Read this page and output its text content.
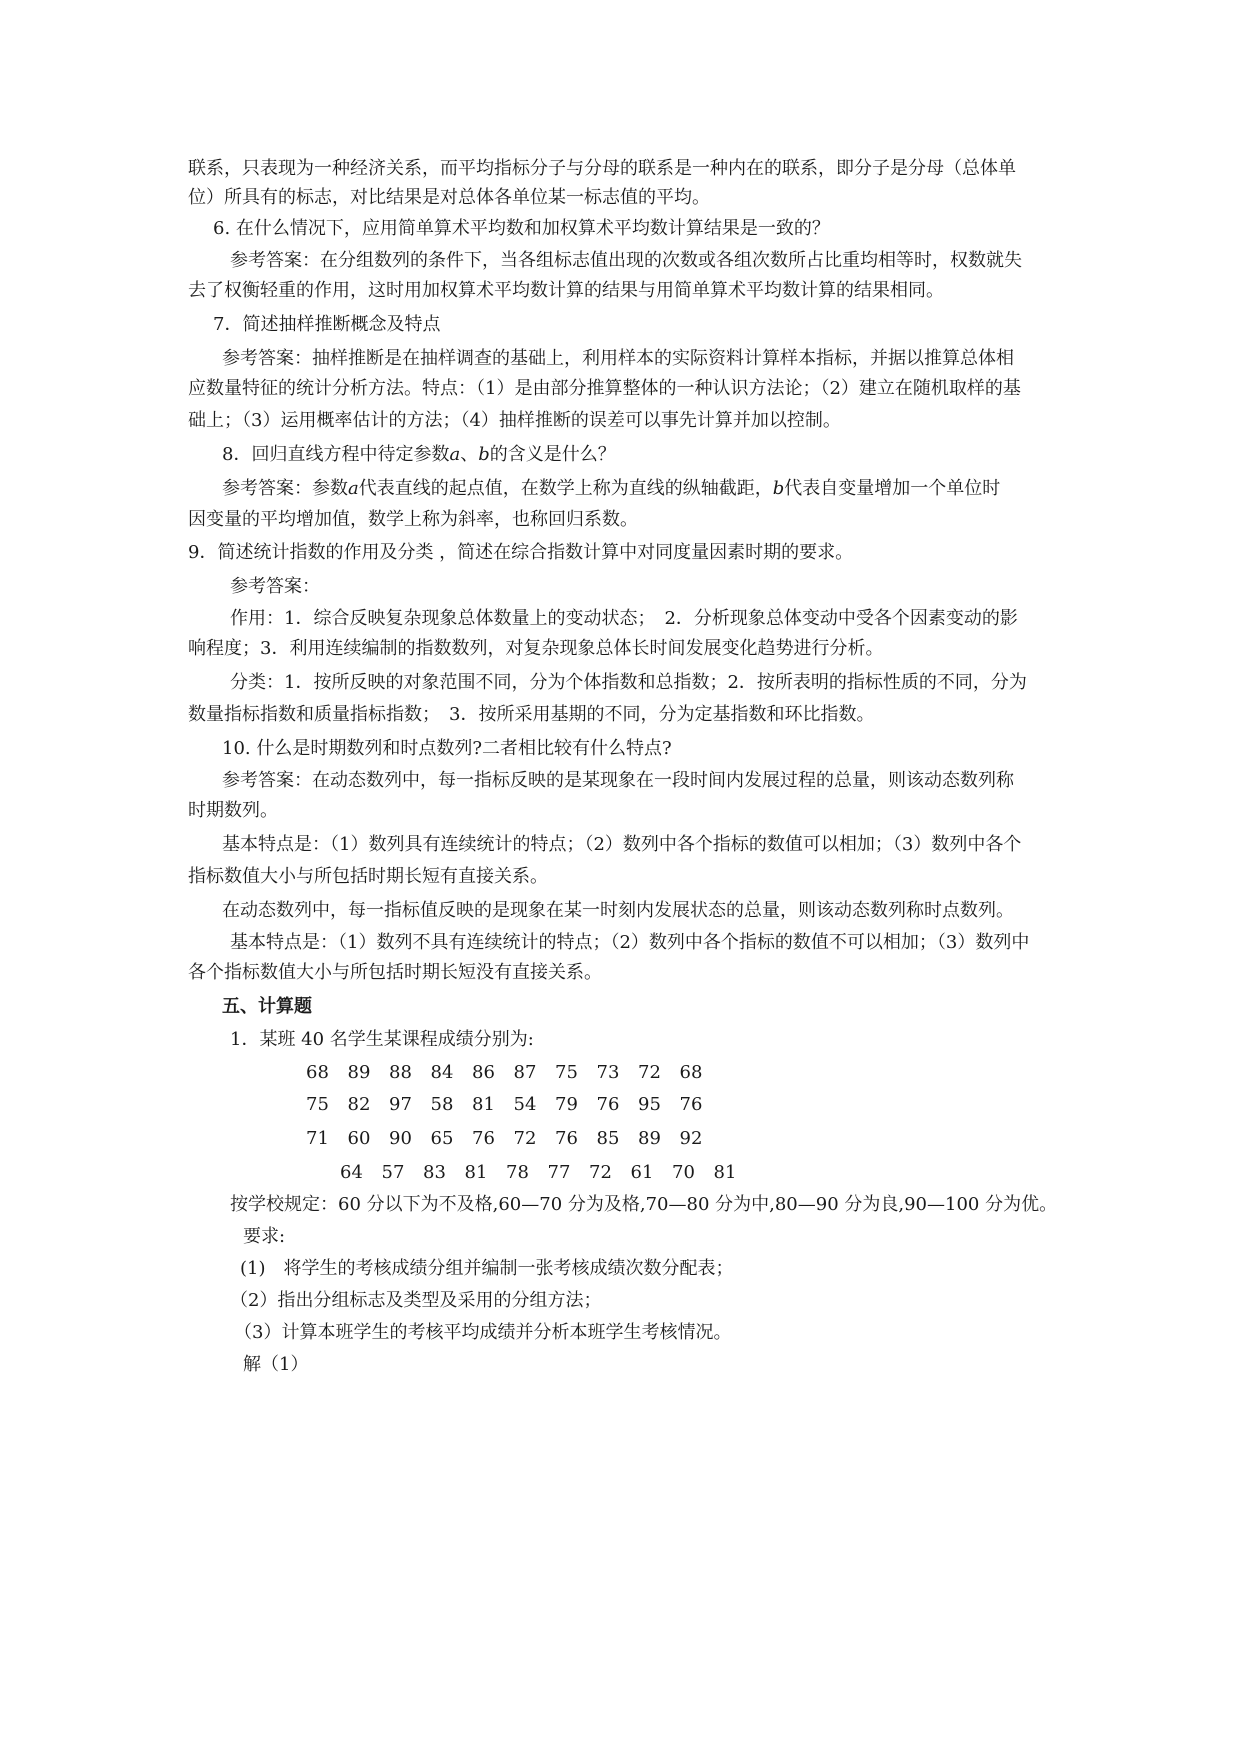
联系，只表现为一种经济关系，而平均指标分子与分母的联系是一种内在的联系，即分子是分母（总体单
位）所具有的标志，对比结果是对总体各单位某一标志值的平均。
6. 在什么情况下，应用简单算术平均数和加权算术平均数计算结果是一致的？
参考答案：在分组数列的条件下，当各组标志值出现的次数或各组次数所占比重均相等时，权数就失
去了权衡轻重的作用，这时用加权算术平均数计算的结果与用简单算术平均数计算的结果相同。
7．简述抽样推断概念及特点
参考答案：抽样推断是在抽样调查的基础上，利用样本的实际资料计算样本指标，并据以推算总体相
应数量特征的统计分析方法。特点：（1）是由部分推算整体的一种认识方法论；（2）建立在随机取样的基
础上；（3）运用概率估计的方法；（4）抽样推断的误差可以事先计算并加以控制。
8．回归直线方程中待定参数a、b的含义是什么？
参考答案：参数a代表直线的起点值，在数学上称为直线的纵轴截距，b代表自变量增加一个单位时
因变量的平均增加值，数学上称为斜率，也称回归系数。
9．简述统计指数的作用及分类 ，简述在综合指数计算中对同度量因素时期的要求。
参考答案：
作用：1．综合反映复杂现象总体数量上的变动状态；　2．分析现象总体变动中受各个因素变动的影
响程度；3．利用连续编制的指数数列，对复杂现象总体长时间发展变化趋势进行分析。
分类：1．按所反映的对象范围不同，分为个体指数和总指数；2．按所表明的指标性质的不同，分为
数量指标指数和质量指标指数；　3．按所采用基期的不同，分为定基指数和环比指数。
10. 什么是时期数列和时点数列?二者相比较有什么特点?
参考答案：在动态数列中，每一指标反映的是某现象在一段时间内发展过程的总量，则该动态数列称
时期数列。
基本特点是：（1）数列具有连续统计的特点；（2）数列中各个指标的数值可以相加；（3）数列中各个
指标数值大小与所包括时期长短有直接关系。
在动态数列中，每一指标值反映的是现象在某一时刻内发展状态的总量，则该动态数列称时点数列。
基本特点是：（1）数列不具有连续统计的特点；（2）数列中各个指标的数值不可以相加；（3）数列中
各个指标数值大小与所包括时期长短没有直接关系。
五、计算题
1．某班 40 名学生某课程成绩分别为:
68 89 88 84 86 87 75 73 72 68
75 82 97 58 81 54 79 76 95 76
71 60 90 65 76 72 76 85 89 92
64 57 83 81 78 77 72 61 70 81
按学校规定：60 分以下为不及格,60—70 分为及格,70—80 分为中,80—90 分为良,90—100 分为优。
要求:
(1)　将学生的考核成绩分组并编制一张考核成绩次数分配表；
（2）指出分组标志及类型及采用的分组方法；
（3）计算本班学生的考核平均成绩并分析本班学生考核情况。
解（1）
